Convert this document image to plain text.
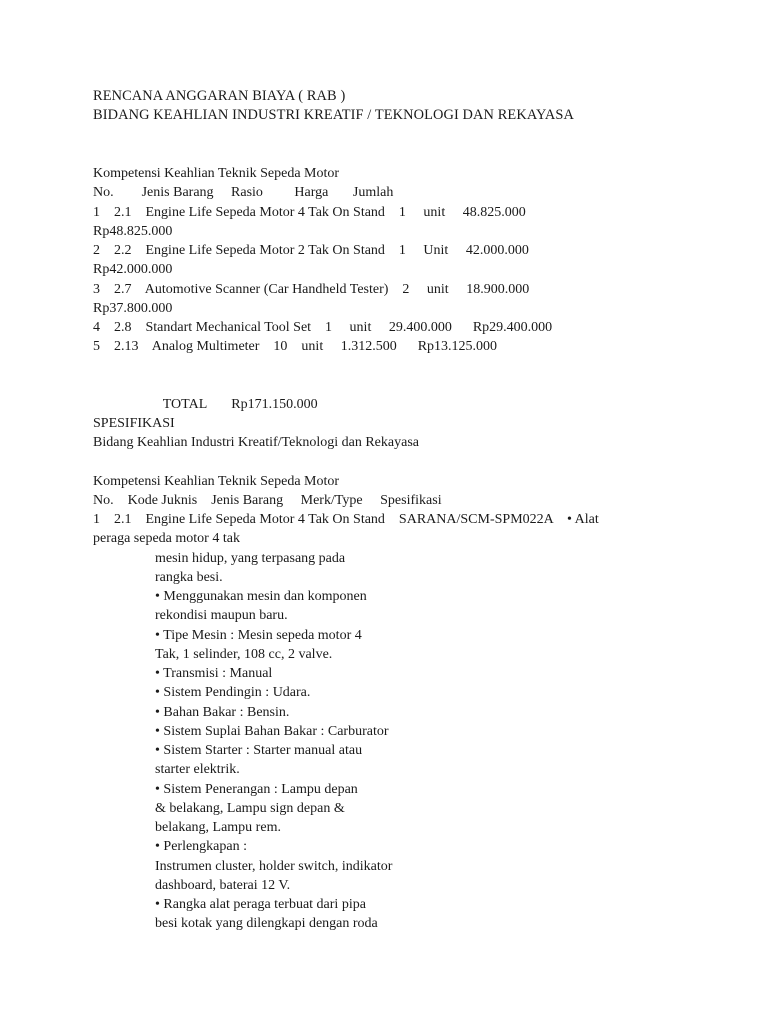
RENCANA ANGGARAN BIAYA ( RAB )

BIDANG KEAHLIAN INDUSTRI KREATIF / TEKNOLOGI DAN REKAYASA

Kompetensi Keahlian Teknik Sepeda Motor

No.        Jenis Barang     Rasio         Harga       Jumlah

1    2.1    Engine Life Sepeda Motor 4 Tak On Stand    1     unit     48.825.000

Rp48.825.000

2    2.2    Engine Life Sepeda Motor 2 Tak On Stand    1     Unit     42.000.000

Rp42.000.000

3    2.7    Automotive Scanner (Car Handheld Tester)    2     unit     18.900.000

Rp37.800.000

4    2.8    Standart Mechanical Tool Set    1     unit     29.400.000      Rp29.400.000

5    2.13    Analog Multimeter    10    unit     1.312.500      Rp13.125.000

TOTAL       Rp171.150.000

SPESIFIKASI

Bidang Keahlian Industri Kreatif/Teknologi dan Rekayasa

Kompetensi Keahlian Teknik Sepeda Motor

No.    Kode Juknis    Jenis Barang     Merk/Type     Spesifikasi

1    2.1    Engine Life Sepeda Motor 4 Tak On Stand    SARANA/SCM-SPM022A    • Alat

peraga sepeda motor 4 tak

mesin hidup, yang terpasang pada

rangka besi.

• Menggunakan mesin dan komponen

rekondisi maupun baru.

• Tipe Mesin : Mesin sepeda motor 4

Tak, 1 selinder, 108 cc, 2 valve.

• Transmisi : Manual

• Sistem Pendingin : Udara.

• Bahan Bakar : Bensin.

• Sistem Suplai Bahan Bakar : Carburator

• Sistem Starter : Starter manual atau

starter elektrik.

• Sistem Penerangan : Lampu depan

& belakang, Lampu sign depan &

belakang, Lampu rem.

• Perlengkapan :

Instrumen cluster, holder switch, indikator

dashboard, baterai 12 V.

• Rangka alat peraga terbuat dari pipa

besi kotak yang dilengkapi dengan roda
